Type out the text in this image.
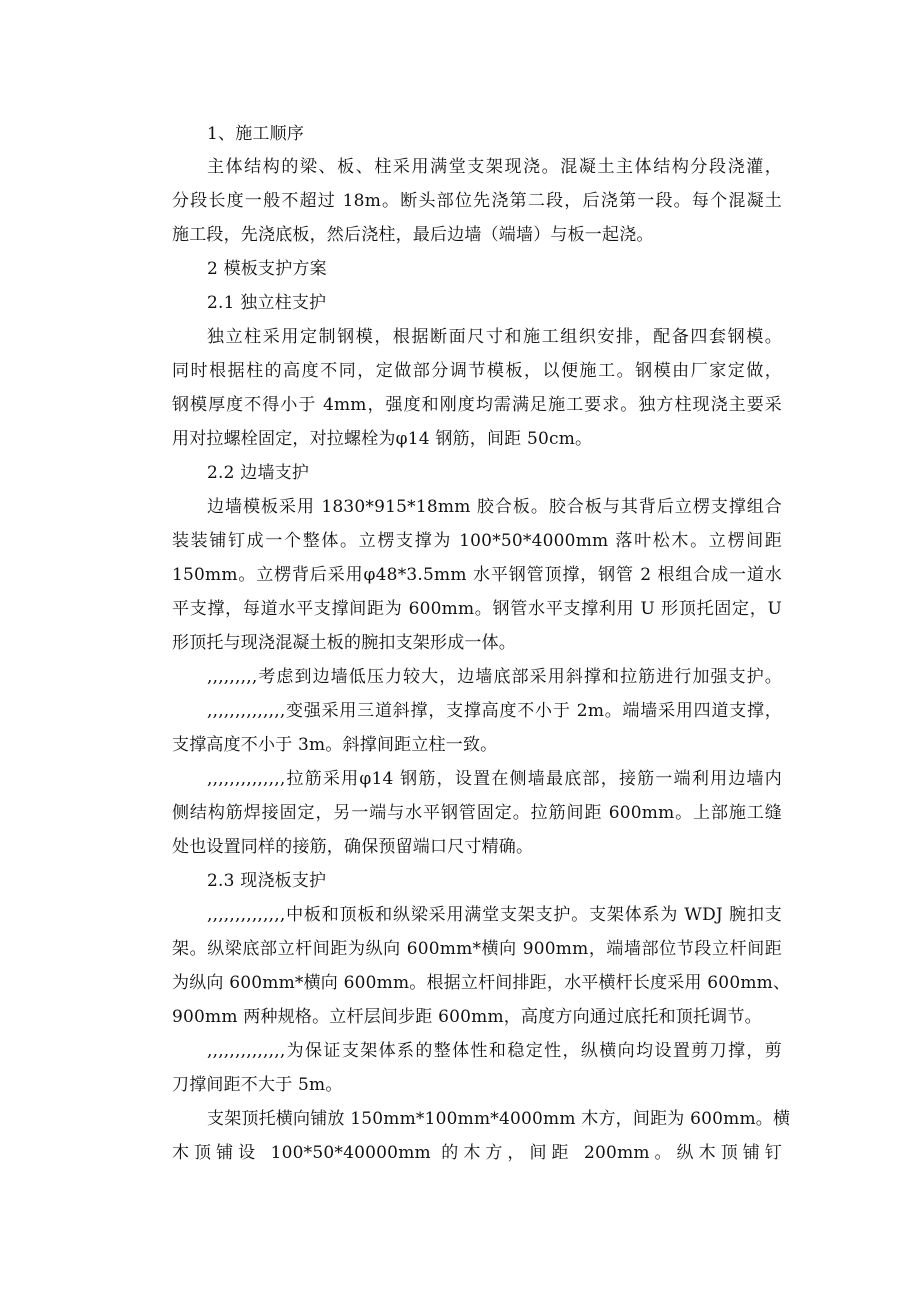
1、施工顺序
主体结构的梁、板、柱采用满堂支架现浇。混凝土主体结构分段浇灌，
分段长度一般不超过 18m。断头部位先浇第二段，后浇第一段。每个混凝土
施工段，先浇底板，然后浇柱，最后边墙（端墙）与板一起浇。
2 模板支护方案
2.1 独立柱支护
独立柱采用定制钢模，根据断面尺寸和施工组织安排，配备四套钢模。
同时根据柱的高度不同，定做部分调节模板，以便施工。钢模由厂家定做，
钢模厚度不得小于 4mm，强度和刚度均需满足施工要求。独方柱现浇主要采
用对拉螺栓固定，对拉螺栓为φ14 钢筋，间距 50cm。
2.2 边墙支护
边墙模板采用 1830*915*18mm 胶合板。胶合板与其背后立楞支撑组合
装装铺钉成一个整体。立楞支撑为 100*50*4000mm 落叶松木。立楞间距
150mm。立楞背后采用φ48*3.5mm 水平钢管顶撑，钢管 2 根组合成一道水
平支撑，每道水平支撑间距为 600mm。钢管水平支撑利用 U 形顶托固定，U
形顶托与现浇混凝土板的腕扣支架形成一体。
,,,,,,,,,考虑到边墙低压力较大，边墙底部采用斜撑和拉筋进行加强支护。
,,,,,,,,,,,,,,变强采用三道斜撑，支撑高度不小于 2m。端墙采用四道支撑，
支撑高度不小于 3m。斜撑间距立柱一致。
,,,,,,,,,,,,,,拉筋采用φ14 钢筋，设置在侧墙最底部，接筋一端利用边墙内
侧结构筋焊接固定，另一端与水平钢管固定。拉筋间距 600mm。上部施工缝
处也设置同样的接筋，确保预留端口尺寸精确。
2.3 现浇板支护
,,,,,,,,,,,,,,中板和顶板和纵梁采用满堂支架支护。支架体系为 WDJ 腕扣支
架。纵梁底部立杆间距为纵向 600mm*横向 900mm，端墙部位节段立杆间距
为纵向 600mm*横向 600mm。根据立杆间排距，水平横杆长度采用 600mm、
900mm 两种规格。立杆层间步距 600mm，高度方向通过底托和顶托调节。
,,,,,,,,,,,,,,为保证支架体系的整体性和稳定性，纵横向均设置剪刀撑，剪
刀撑间距不大于 5m。
支架顶托横向铺放 150mm*100mm*4000mm 木方，间距为 600mm。横
木顶铺设 100*50*40000mm 的木方，间距 200mm。纵木顶铺钉
